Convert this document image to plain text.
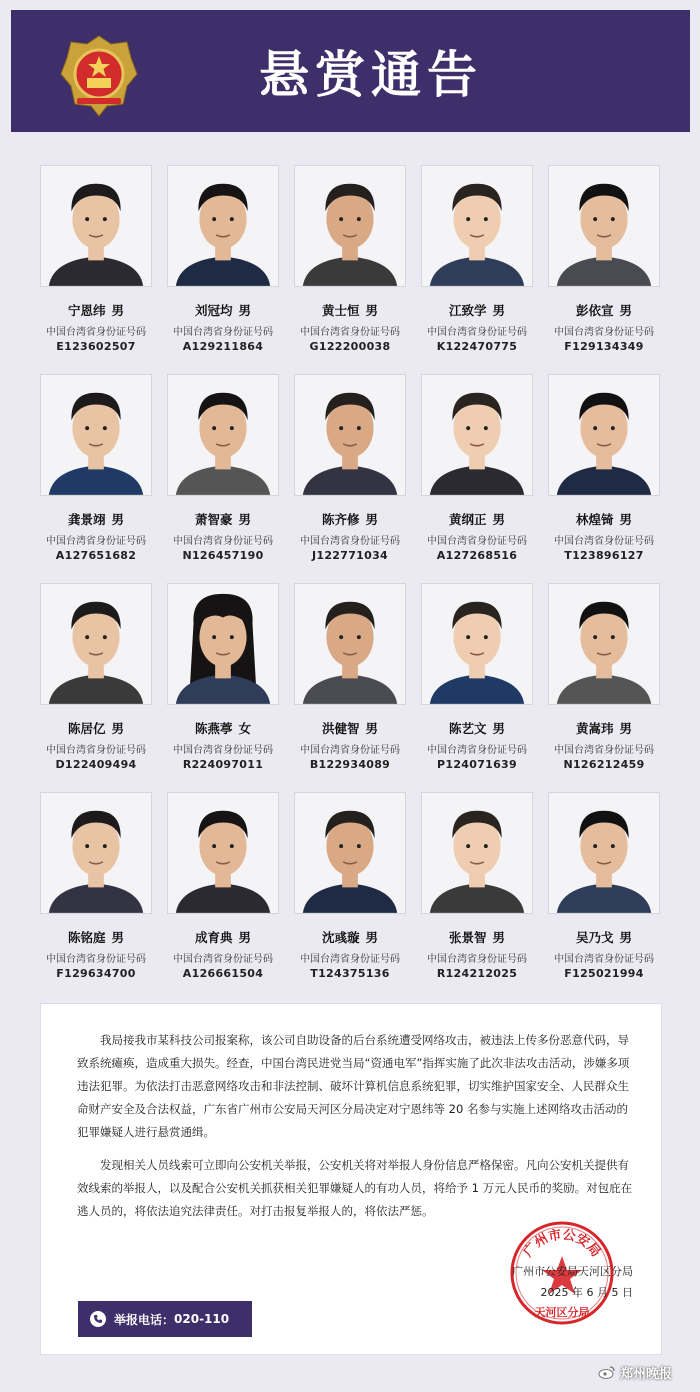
悬赏通告
宁恩纬 男
中国台湾省身份证号码
E123602507
刘冠均 男
中国台湾省身份证号码
A129211864
黄士恒 男
中国台湾省身份证号码
G122200038
江致学 男
中国台湾省身份证号码
K122470775
彭依宣 男
中国台湾省身份证号码
F129134349
龚景翊 男
中国台湾省身份证号码
A127651682
萧智豪 男
中国台湾省身份证号码
N126457190
陈齐修 男
中国台湾省身份证号码
J122771034
黄纲正 男
中国台湾省身份证号码
A127268516
林煌锜 男
中国台湾省身份证号码
T123896127
陈居亿 男
中国台湾省身份证号码
D122409494
陈燕葶 女
中国台湾省身份证号码
R224097011
洪健智 男
中国台湾省身份证号码
B122934089
陈艺文 男
中国台湾省身份证号码
P124071639
黄嵩玮 男
中国台湾省身份证号码
N126212459
陈铭庭 男
中国台湾省身份证号码
F129634700
成育典 男
中国台湾省身份证号码
A126661504
沈彧璇 男
中国台湾省身份证号码
T124375136
张景智 男
中国台湾省身份证号码
R124212025
吴乃戈 男
中国台湾省身份证号码
F125021994
我局接我市某科技公司报案称，该公司自助设备的后台系统遭受网络攻击，被违法上传多份恶意代码，导致系统瘫痪，造成重大损失。经查，中国台湾民进党当局“资通电军”指挥实施了此次非法攻击活动，涉嫌多项违法犯罪。为依法打击恶意网络攻击和非法控制、破坏计算机信息系统犯罪，切实维护国家安全、人民群众生命财产安全及合法权益，广东省广州市公安局天河区分局决定对宁恩纬等 20 名参与实施上述网络攻击活动的犯罪嫌疑人进行悬赏通缉。
发现相关人员线索可立即向公安机关举报，公安机关将对举报人身份信息严格保密。凡向公安机关提供有效线索的举报人，以及配合公安机关抓获相关犯罪嫌疑人的有功人员，将给予 1 万元人民币的奖励。对包庇在逃人员的，将依法追究法律责任。对打击报复举报人的，将依法严惩。
广州市公安局
天河区分局
广州市公安局天河区分局
2025 年 6 月 5 日
举报电话： 020-110
郑州晚报
